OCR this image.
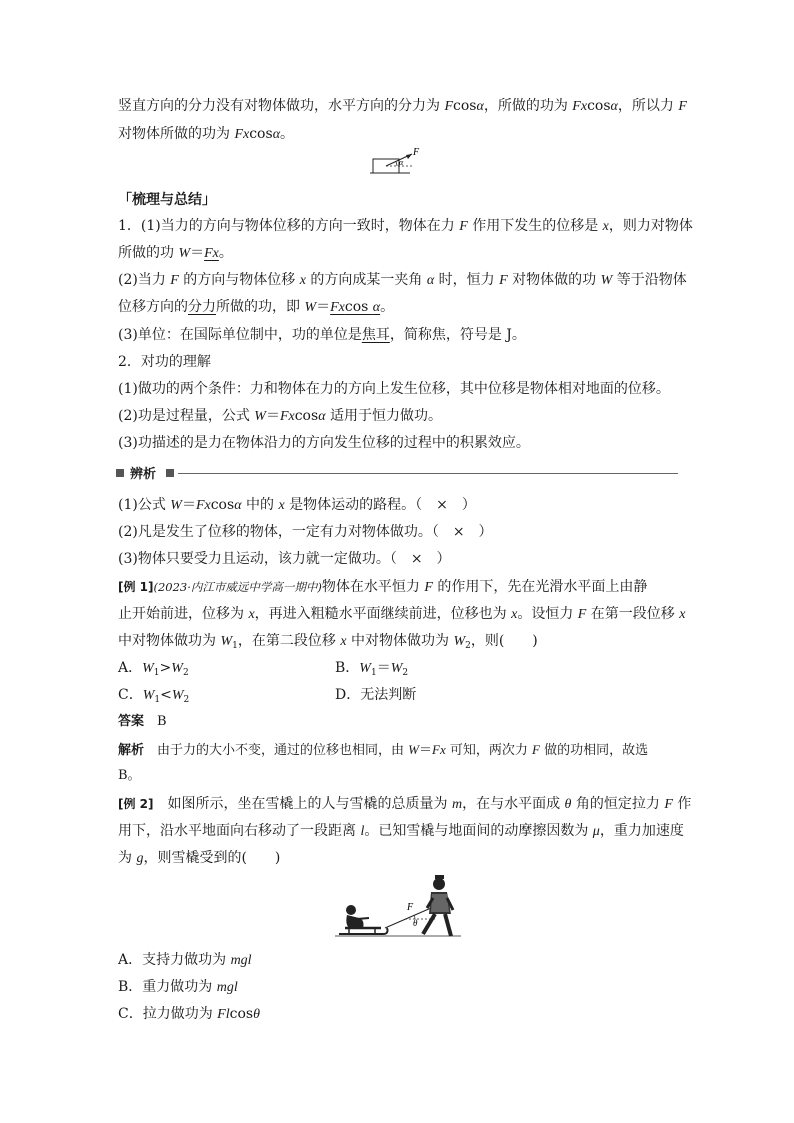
竖直方向的分力没有对物体做功，水平方向的分力为 Fcosα，所做的功为 Fxcosα，所以力 F
对物体所做的功为 Fxcosα。
F
α
「梳理与总结」
1．(1)当力的方向与物体位移的方向一致时，物体在力 F 作用下发生的位移是 x，则力对物体
所做的功 W＝Fx。
(2)当力 F 的方向与物体位移 x 的方向成某一夹角 α 时，恒力 F 对物体做的功 W 等于沿物体
位移方向的分力所做的功，即 W＝Fxcos α。
(3)单位：在国际单位制中，功的单位是焦耳，简称焦，符号是 J。
2．对功的理解
(1)做功的两个条件：力和物体在力的方向上发生位移，其中位移是物体相对地面的位移。
(2)功是过程量，公式 W＝Fxcosα 适用于恒力做功。
(3)功描述的是力在物体沿力的方向发生位移的过程中的积累效应。
辨析
(1)公式 W＝Fxcosα 中的 x 是物体运动的路程。（　×　）
(2)凡是发生了位移的物体，一定有力对物体做功。（　×　）
(3)物体只要受力且运动，该力就一定做功。（　×　）
[例 1](2023·内江市威远中学高一期中)物体在水平恒力 F 的作用下，先在光滑水平面上由静
止开始前进，位移为 x，再进入粗糙水平面继续前进，位移也为 x。设恒力 F 在第一段位移 x
中对物体做功为 $W_1$，在第二段位移 x 中对物体做功为 $W_2$，则(　　)
A．$W_1>W_2$	B．$W_1=W_2$
C．$W_1<W_2$	D．无法判断
答案　 B
解析　 由于力的大小不变，通过的位移也相同，由 W＝Fx 可知，两次力 F 做的功相同，故选
B。
[例 2]　 如图所示，坐在雪橇上的人与雪橇的总质量为 m，在与水平面成 θ 角的恒定拉力 F 作
用下，沿水平地面向右移动了一段距离 l。已知雪橇与地面间的动摩擦因数为 μ，重力加速度
为 g，则雪橇受到的(　　)
F
θ
A．支持力做功为 mgl
B．重力做功为 mgl
C．拉力做功为 Flcosθ
